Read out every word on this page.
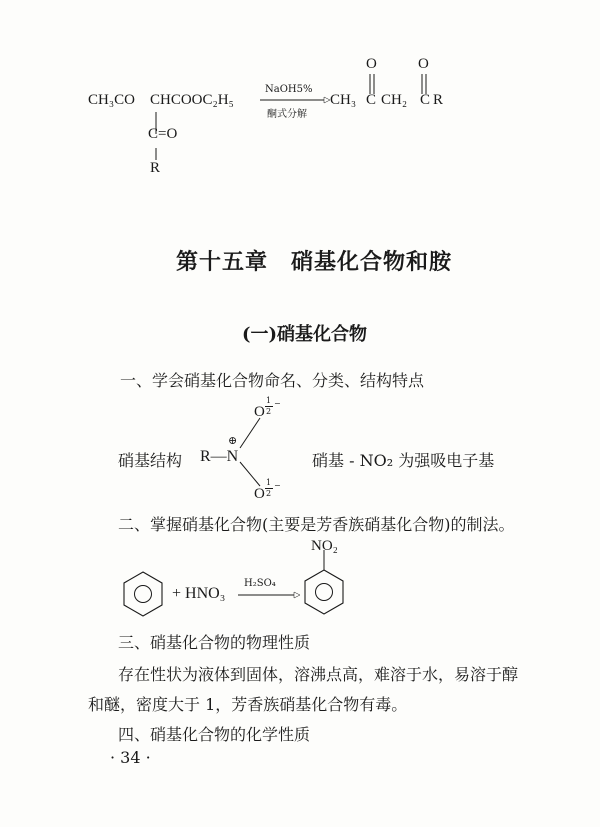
CH₃CO CHCOOC₂H₅
C=O
R
NaOH5%
酮式分解
CH₃ C CH₂ C R
O	O
第十五章　硝基化合物和胺
(一)硝基化合物
一、学会硝基化合物命名、分类、结构特点
硝基结构 R—N
⊕
O
1
2
−
O
1
2
−
硝基 - NO₂ 为强吸电子基
二、掌握硝基化合物(主要是芳香族硝基化合物)的制法。
+ HNO₃
H₂SO₄
NO₂
三、硝基化合物的物理性质
存在性状为液体到固体，溶沸点高，难溶于水，易溶于醇
和醚，密度大于 1，芳香族硝基化合物有毒。
四、硝基化合物的化学性质
· 34 ·
